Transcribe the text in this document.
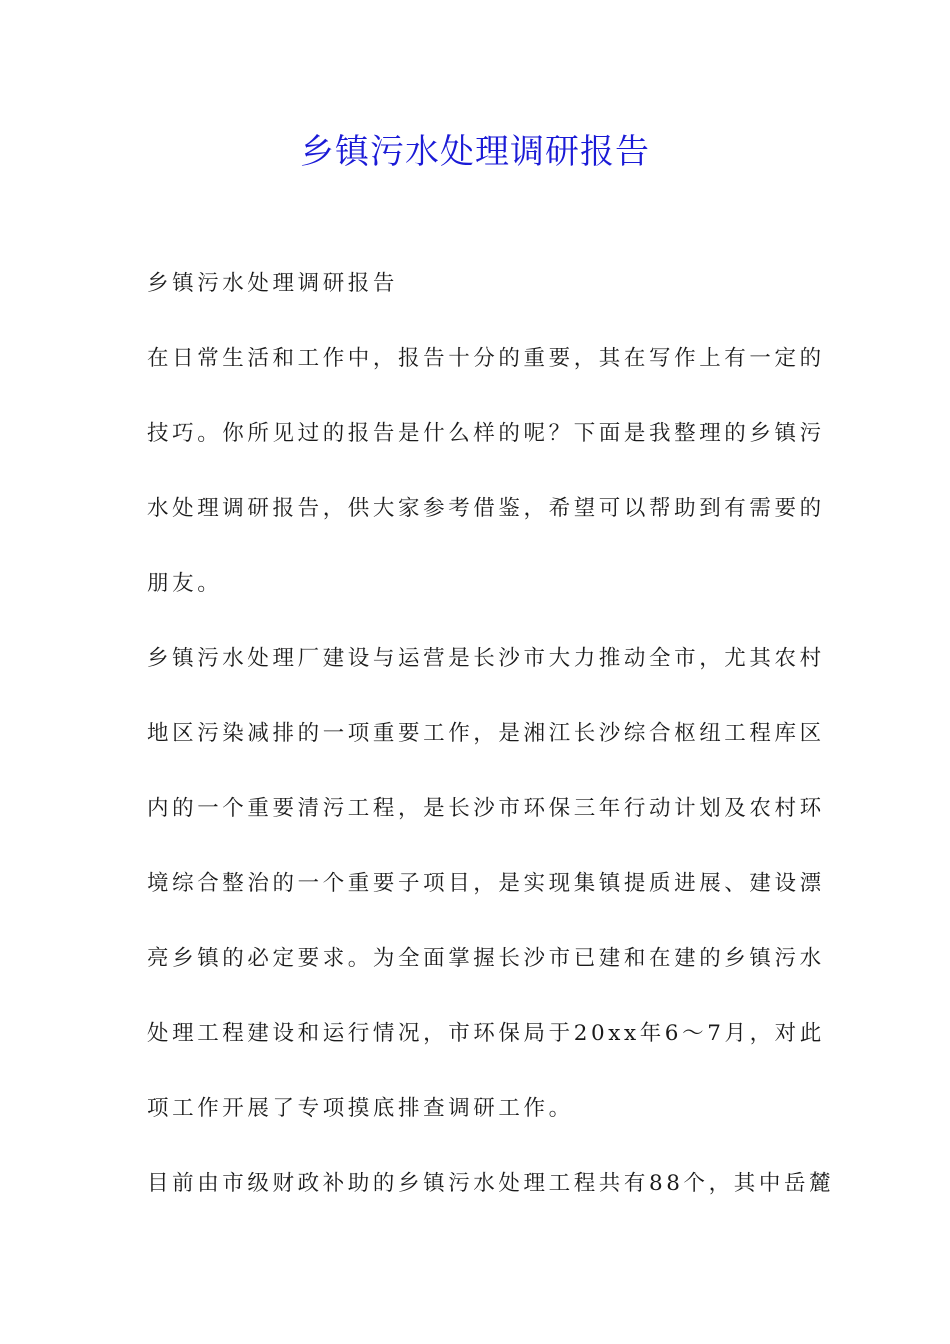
乡镇污水处理调研报告
乡镇污水处理调研报告
在日常生活和工作中，报告十分的重要，其在写作上有一定的
技巧。你所见过的报告是什么样的呢？下面是我整理的乡镇污
水处理调研报告，供大家参考借鉴，希望可以帮助到有需要的
朋友。
乡镇污水处理厂建设与运营是长沙市大力推动全市，尤其农村
地区污染减排的一项重要工作，是湘江长沙综合枢纽工程库区
内的一个重要清污工程，是长沙市环保三年行动计划及农村环
境综合整治的一个重要子项目，是实现集镇提质进展、建设漂
亮乡镇的必定要求。为全面掌握长沙市已建和在建的乡镇污水
处理工程建设和运行情况，市环保局于20xx年6～7月，对此
项工作开展了专项摸底排查调研工作。
目前由市级财政补助的乡镇污水处理工程共有88个，其中岳麓
